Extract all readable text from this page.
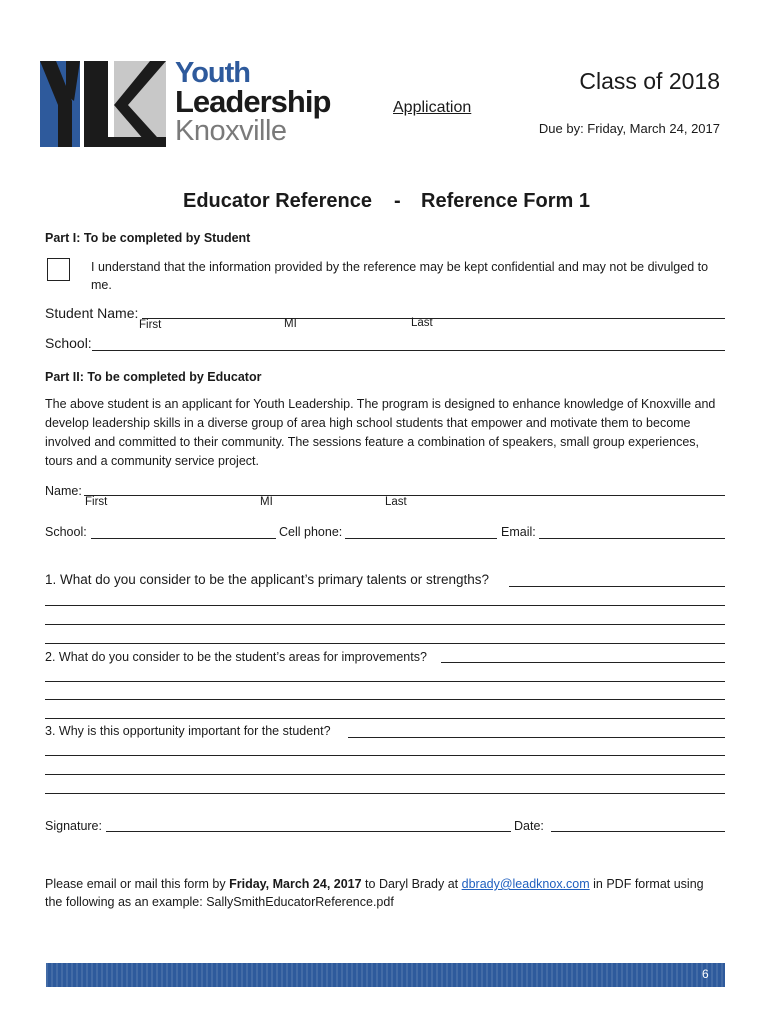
Youth
Leadership
Knoxville
Application
Class of 2018
Due by: Friday, March 24, 2017
Educator Reference - Reference Form 1
Part I: To be completed by Student
I understand that the information provided by the reference may be kept confidential and may not be divulged to me.
Student Name:
First	MI	Last
School:
Part II: To be completed by Educator
The above student is an applicant for Youth Leadership. The program is designed to enhance knowledge of Knoxville and develop leadership skills in a diverse group of area high school students that empower and motivate them to become involved and committed to their community. The sessions feature a combination of speakers, small group experiences, tours and a community service project.
Name:
First	MI	Last
School:	Cell phone:	Email:
1. What do you consider to be the applicant’s primary talents or strengths?
2. What do you consider to be the student’s areas for improvements?
3. Why is this opportunity important for the student?
Signature:	Date:
Please email or mail this form by Friday, March 24, 2017 to Daryl Brady at dbrady@leadknox.com in PDF format using
the following as an example: SallySmithEducatorReference.pdf
6
